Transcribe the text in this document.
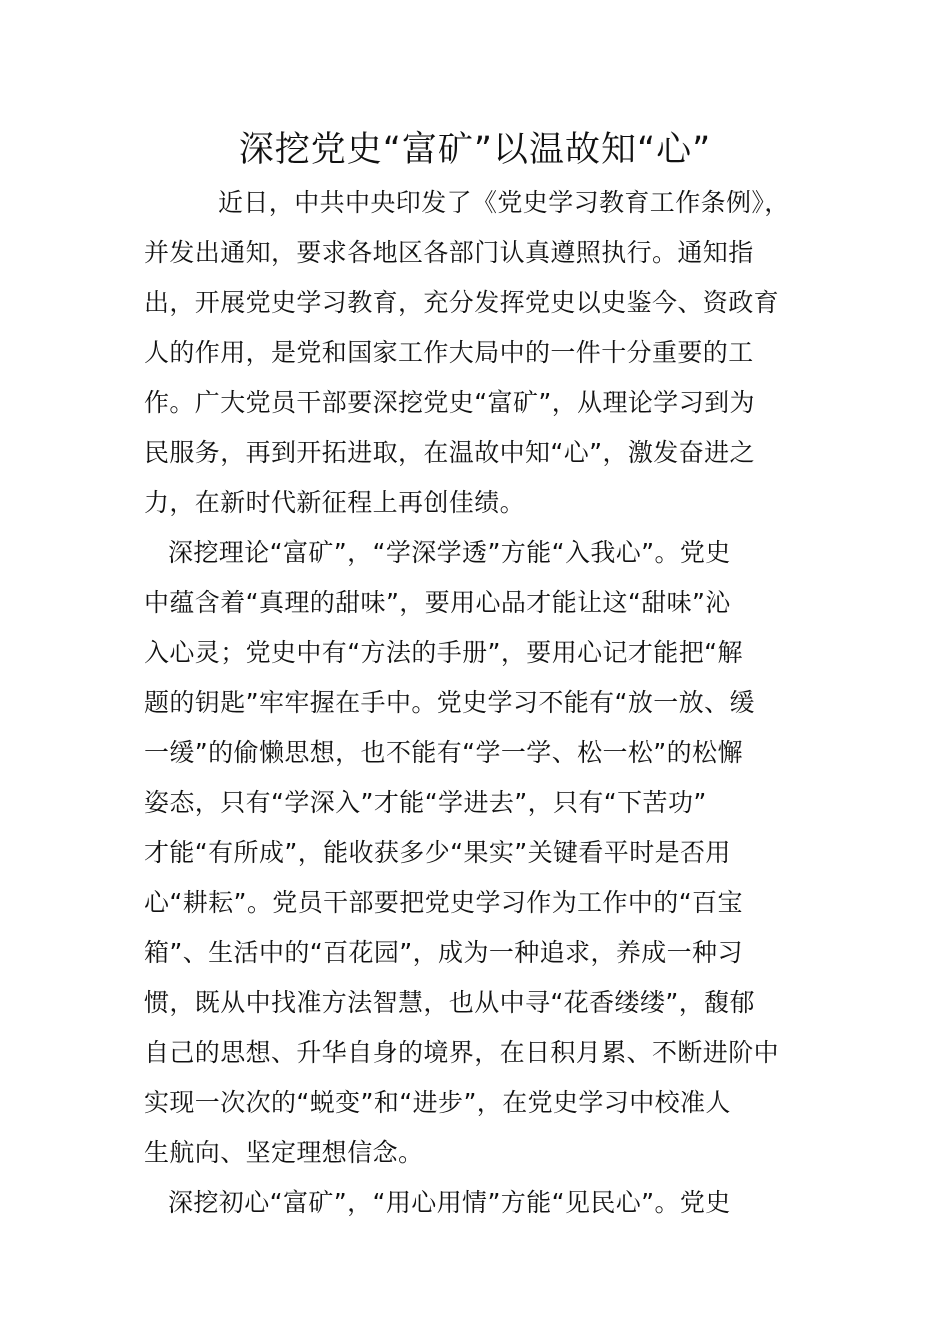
深挖党史“富矿”以温故知“心”
近日，中共中央印发了《党史学习教育工作条例》，
并发出通知，要求各地区各部门认真遵照执行。通知指
出，开展党史学习教育，充分发挥党史以史鉴今、资政育
人的作用，是党和国家工作大局中的一件十分重要的工
作。广大党员干部要深挖党史“富矿”，从理论学习到为
民服务，再到开拓进取，在温故中知“心”，激发奋进之
力，在新时代新征程上再创佳绩。
深挖理论“富矿”，“学深学透”方能“入我心”。党史
中蕴含着“真理的甜味”，要用心品才能让这“甜味”沁
入心灵；党史中有“方法的手册”，要用心记才能把“解
题的钥匙”牢牢握在手中。党史学习不能有“放一放、缓
一缓”的偷懒思想，也不能有“学一学、松一松”的松懈
姿态，只有“学深入”才能“学进去”，只有“下苦功”
才能“有所成”，能收获多少“果实”关键看平时是否用
心“耕耘”。党员干部要把党史学习作为工作中的“百宝
箱”、生活中的“百花园”，成为一种追求，养成一种习
惯，既从中找准方法智慧，也从中寻“花香缕缕”，馥郁
自己的思想、升华自身的境界，在日积月累、不断进阶中
实现一次次的“蜕变”和“进步”，在党史学习中校准人
生航向、坚定理想信念。
深挖初心“富矿”，“用心用情”方能“见民心”。党史
